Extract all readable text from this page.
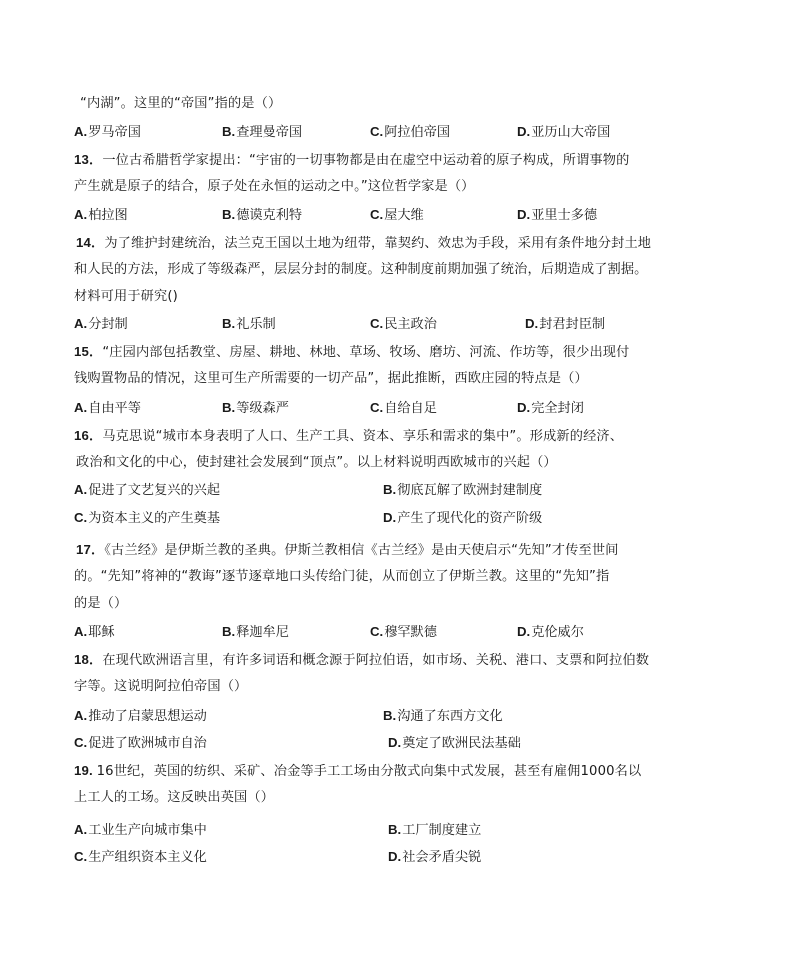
“内湖”。这里的“帝国”指的是（）
A.罗马帝国	B.查理曼帝国	C.阿拉伯帝国	D.亚历山大帝国
13．一位古希腊哲学家提出：“宇宙的一切事物都是由在虚空中运动着的原子构成，所谓事物的
产生就是原子的结合，原子处在永恒的运动之中。”这位哲学家是（）
A.柏拉图	B.德谟克利特	C.屋大维	D.亚里士多德
14．为了维护封建统治，法兰克王国以土地为纽带，靠契约、效忠为手段，采用有条件地分封土地
和人民的方法，形成了等级森严，层层分封的制度。这种制度前期加强了统治，后期造成了割据。
材料可用于研究()
A.分封制	B.礼乐制	C.民主政治	D.封君封臣制
15．“庄园内部包括教堂、房屋、耕地、林地、草场、牧场、磨坊、河流、作坊等，很少出现付
钱购置物品的情况，这里可生产所需要的一切产品”，据此推断，西欧庄园的特点是（）
A.自由平等	B.等级森严	C.自给自足	D.完全封闭
16．马克思说“城市本身表明了人口、生产工具、资本、享乐和需求的集中”。形成新的经济、
政治和文化的中心，使封建社会发展到“顶点”。以上材料说明西欧城市的兴起（）
A.促进了文艺复兴的兴起	B.彻底瓦解了欧洲封建制度
C.为资本主义的产生奠基	D.产生了现代化的资产阶级
17．《古兰经》是伊斯兰教的圣典。伊斯兰教相信《古兰经》是由天使启示“先知”才传至世间
的。“先知”将神的“教诲”逐节逐章地口头传给门徒，从而创立了伊斯兰教。这里的“先知”指
的是（）
A.耶稣	B.释迦牟尼	C.穆罕默德	D.克伦威尔
18．在现代欧洲语言里，有许多词语和概念源于阿拉伯语，如市场、关税、港口、支票和阿拉伯数
字等。这说明阿拉伯帝国（）
A.推动了启蒙思想运动	B.沟通了东西方文化
C.促进了欧洲城市自治	D.奠定了欧洲民法基础
19. 16世纪，英国的纺织、采矿、冶金等手工工场由分散式向集中式发展，甚至有雇佣1000名以
上工人的工场。这反映出英国（）
A.工业生产向城市集中	B.工厂制度建立
C.生产组织资本主义化	D.社会矛盾尖锐
